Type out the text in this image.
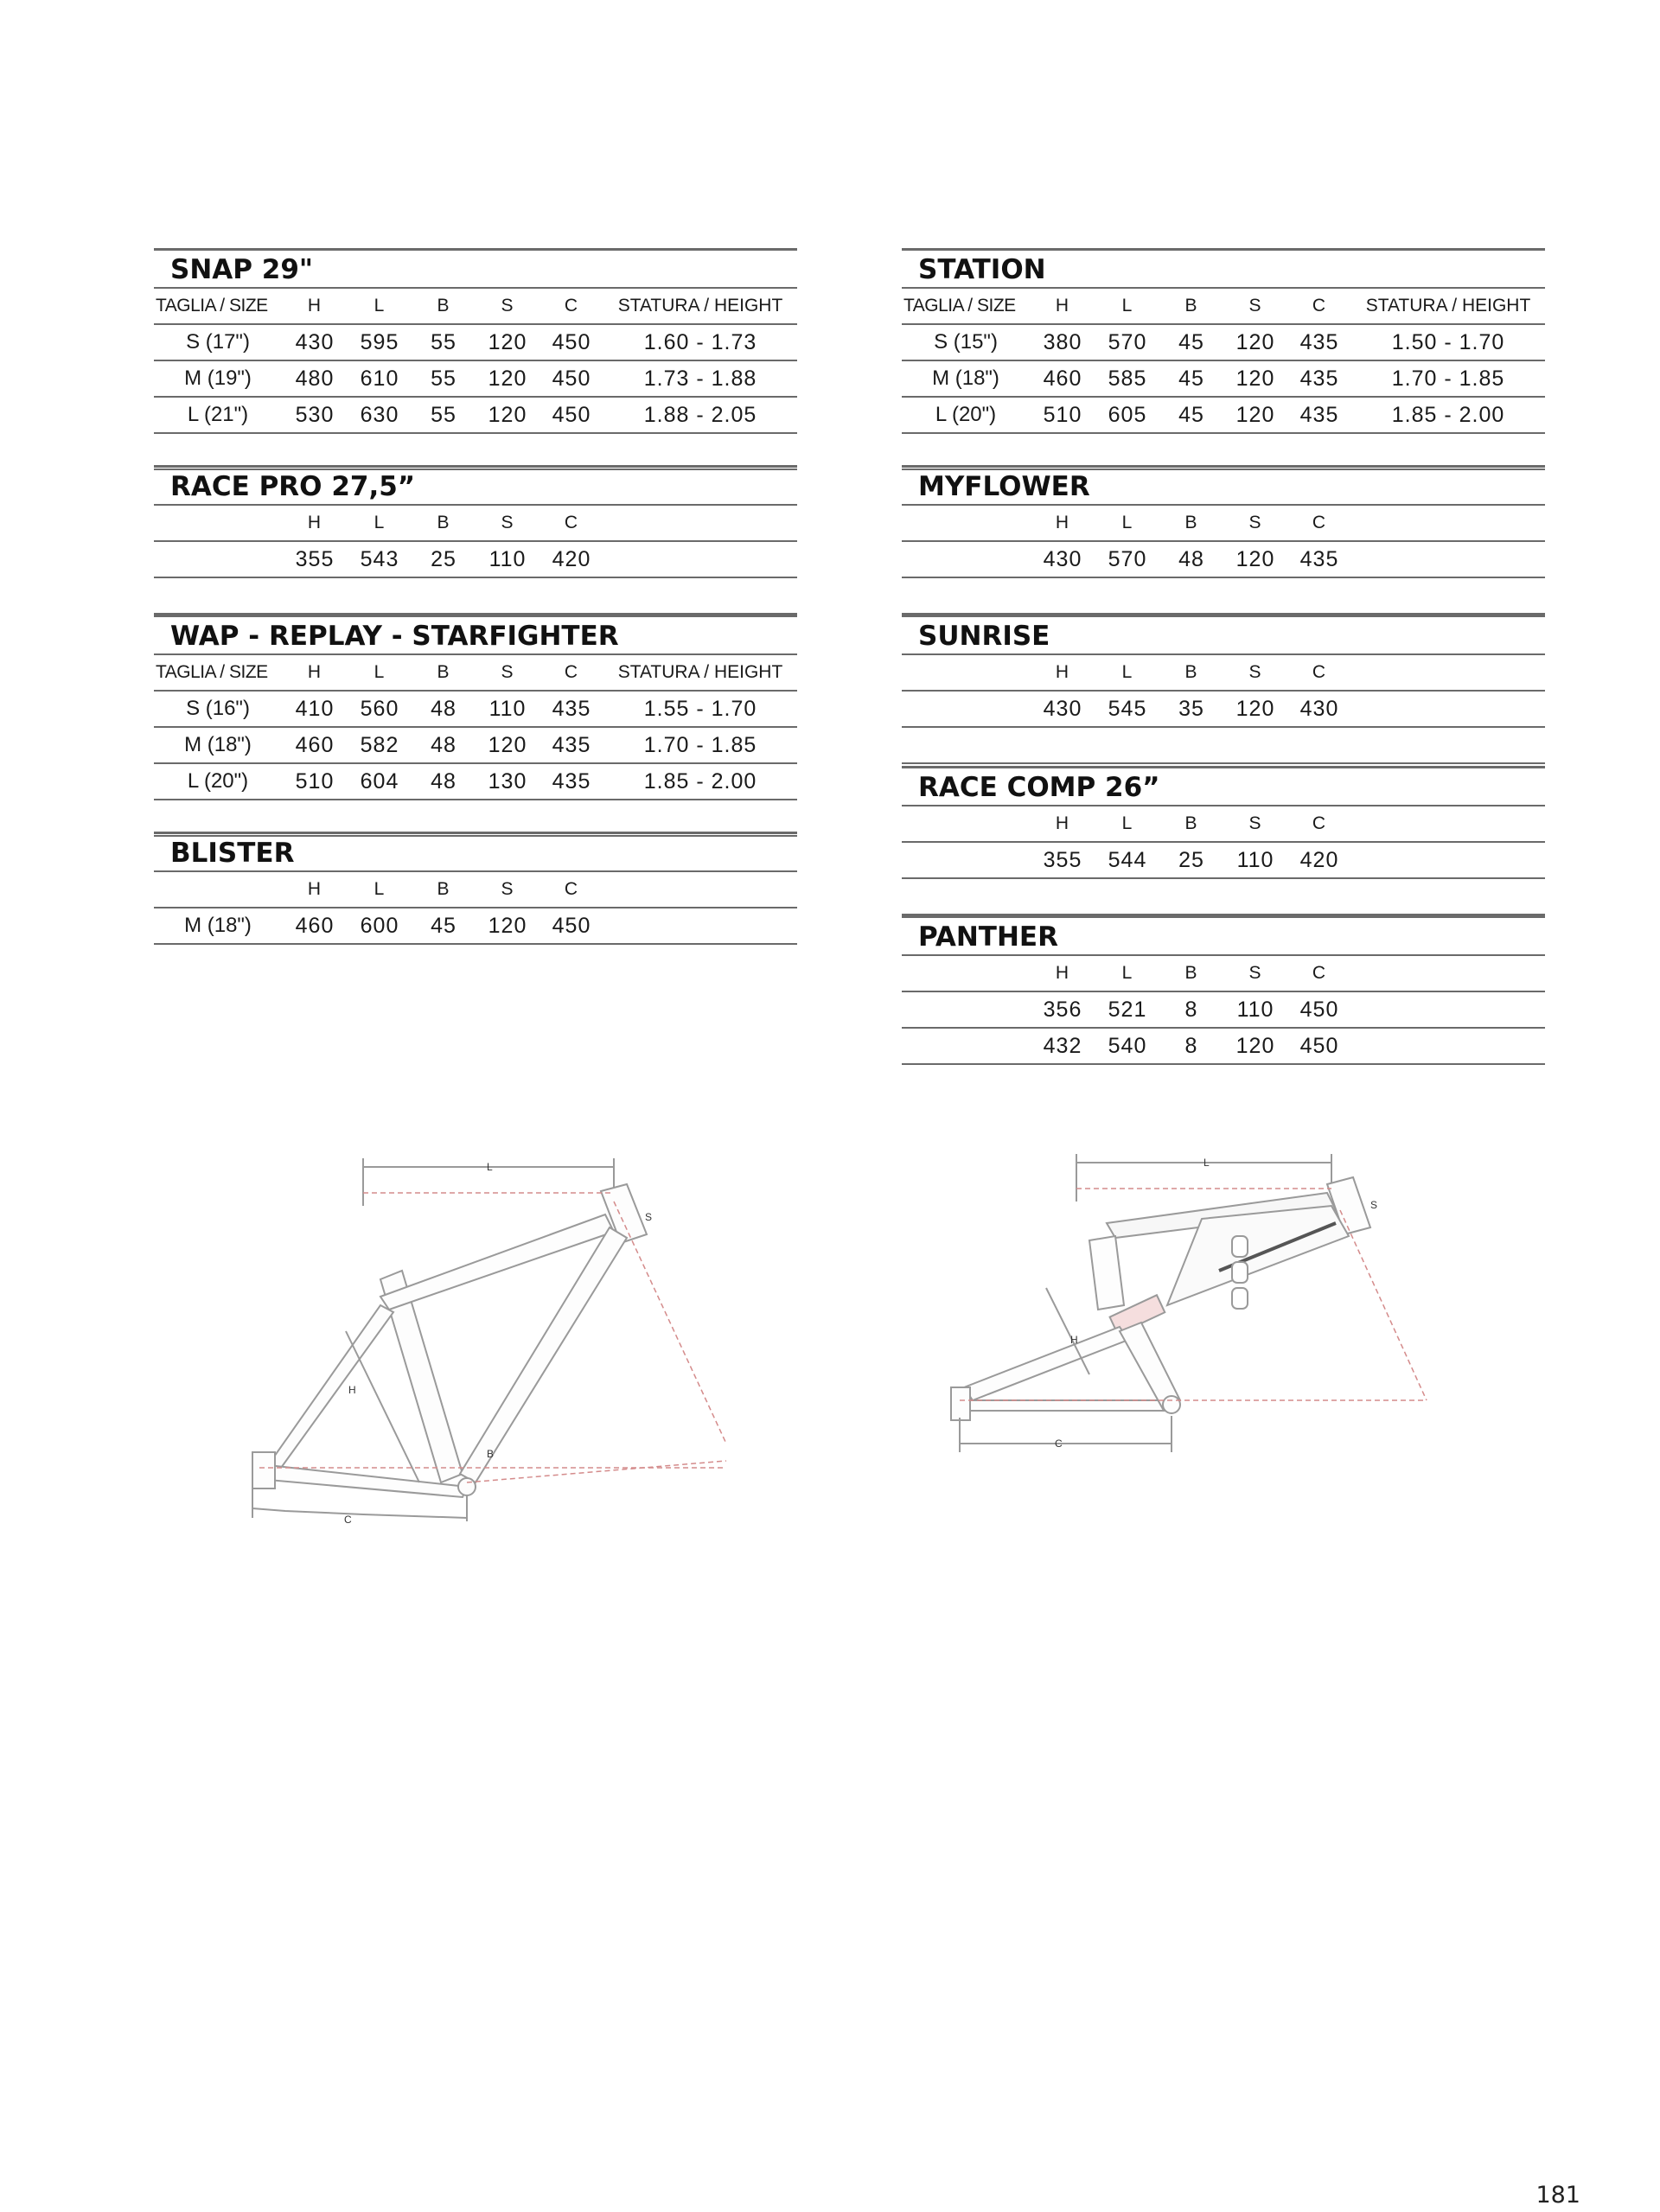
SNAP 29"
TAGLIA / SIZE	H	L	B	S	C	STATURA / HEIGHT
S (17")	430	595	55	120	450	1.60 - 1.73
M (19")	480	610	55	120	450	1.73 - 1.88
L (21")	530	630	55	120	450	1.88 - 2.05
RACE PRO 27,5”
H	L	B	S	C
355	543	25	110	420
WAP - REPLAY - STARFIGHTER
TAGLIA / SIZE	H	L	B	S	C	STATURA / HEIGHT
S (16")	410	560	48	110	435	1.55 - 1.70
M (18")	460	582	48	120	435	1.70 - 1.85
L (20")	510	604	48	130	435	1.85 - 2.00
BLISTER
H	L	B	S	C
M (18")	460	600	45	120	450
STATION
TAGLIA / SIZE	H	L	B	S	C	STATURA / HEIGHT
S (15")	380	570	45	120	435	1.50 - 1.70
M (18")	460	585	45	120	435	1.70 - 1.85
L (20")	510	605	45	120	435	1.85 - 2.00
MYFLOWER
H	L	B	S	C
430	570	48	120	435
SUNRISE
H	L	B	S	C
430	545	35	120	430
RACE COMP 26”
H	L	B	S	C
355	544	25	110	420
PANTHER
H	L	B	S	C
356	521	8	110	450
432	540	8	120	450
L
S
H
B
C
L
S
H
C
181
